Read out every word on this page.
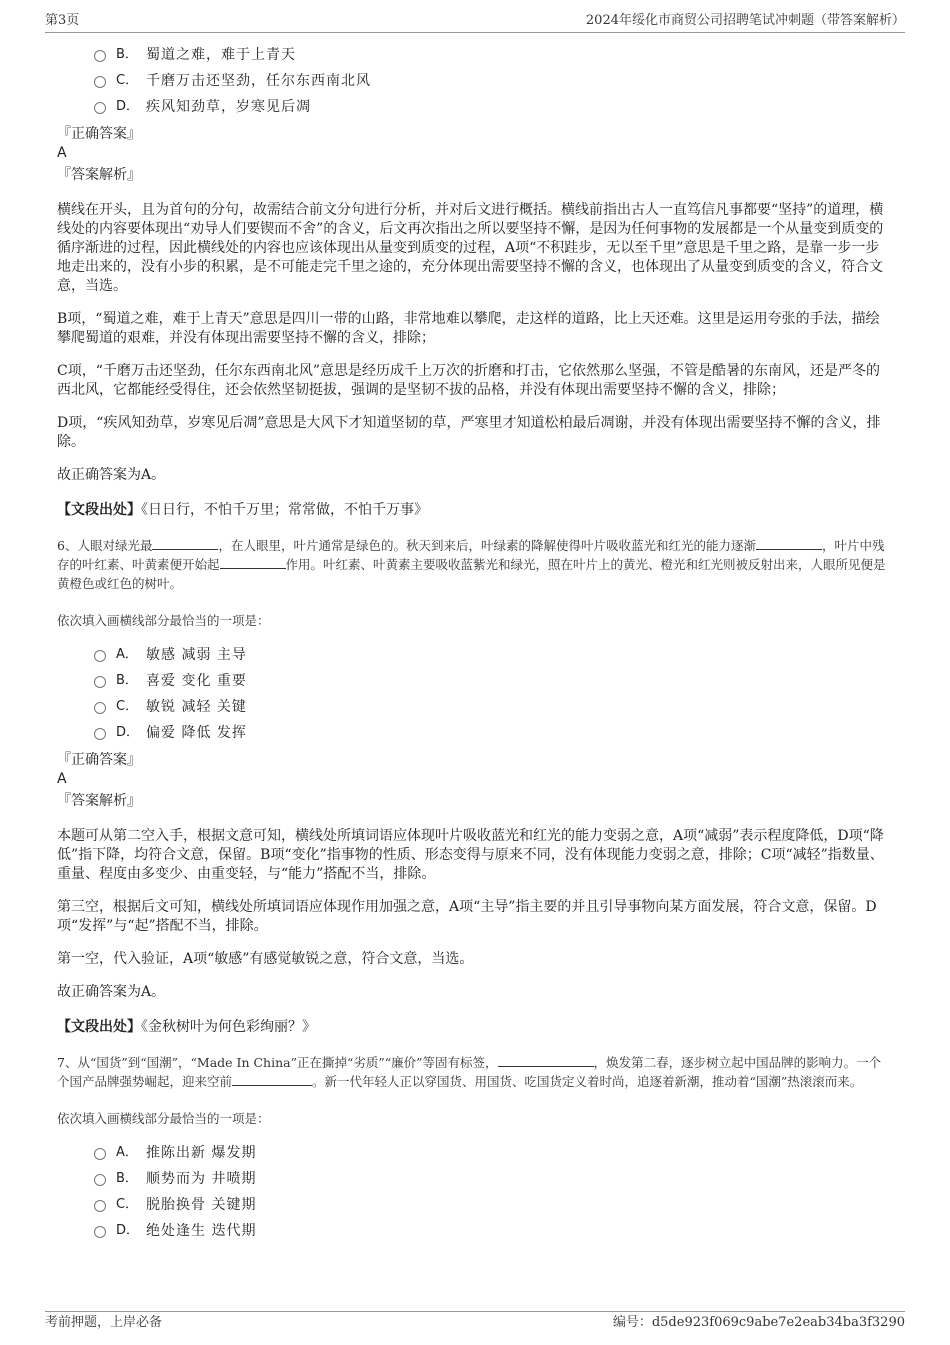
第3页	2024年绥化市商贸公司招聘笔试冲刺题（带答案解析）
B． 蜀道之难，难于上青天
C． 千磨万击还坚劲，任尔东西南北风
D． 疾风知劲草，岁寒见后凋
『正确答案』
A
『答案解析』
横线在开头，且为首句的分句，故需结合前文分句进行分析，并对后文进行概括。横线前指出古人一直笃信凡事都要“坚持”的道理，横线处的内容要体现出“劝导人们要锲而不舍”的含义，后文再次指出之所以要坚持不懈，是因为任何事物的发展都是一个从量变到质变的循序渐进的过程，因此横线处的内容也应该体现出从量变到质变的过程，A项“不积跬步，无以至千里”意思是千里之路，是靠一步一步地走出来的，没有小步的积累，是不可能走完千里之途的，充分体现出需要坚持不懈的含义，也体现出了从量变到质变的含义，符合文意，当选。
B项，“蜀道之难，难于上青天”意思是四川一带的山路，非常地难以攀爬，走这样的道路，比上天还难。这里是运用夸张的手法，描绘攀爬蜀道的艰难，并没有体现出需要坚持不懈的含义，排除；
C项，“千磨万击还坚劲，任尔东西南北风”意思是经历成千上万次的折磨和打击，它依然那么坚强，不管是酷暑的东南风，还是严冬的西北风，它都能经受得住，还会依然坚韧挺拔，强调的是坚韧不拔的品格，并没有体现出需要坚持不懈的含义，排除；
D项，“疾风知劲草，岁寒见后凋”意思是大风下才知道坚韧的草，严寒里才知道松柏最后凋谢，并没有体现出需要坚持不懈的含义，排除。
故正确答案为A。
【文段出处】《日日行，不怕千万里；常常做，不怕千万事》
6、人眼对绿光最	，在人眼里，叶片通常是绿色的。秋天到来后，叶绿素的降解使得叶片吸收蓝光和红光的能力逐渐	，叶片中残存的叶红素、叶黄素便开始起	作用。叶红素、叶黄素主要吸收蓝紫光和绿光，照在叶片上的黄光、橙光和红光则被反射出来，人眼所见便是黄橙色或红色的树叶。
依次填入画横线部分最恰当的一项是：
A． 敏感 减弱 主导
B． 喜爱 变化 重要
C． 敏锐 减轻 关键
D． 偏爱 降低 发挥
『正确答案』
A
『答案解析』
本题可从第二空入手，根据文意可知，横线处所填词语应体现叶片吸收蓝光和红光的能力变弱之意，A项“减弱”表示程度降低，D项“降低”指下降，均符合文意，保留。B项“变化”指事物的性质、形态变得与原来不同，没有体现能力变弱之意，排除；C项“减轻”指数量、重量、程度由多变少、由重变轻，与“能力”搭配不当，排除。
第三空，根据后文可知，横线处所填词语应体现作用加强之意，A项“主导”指主要的并且引导事物向某方面发展，符合文意，保留。D项“发挥”与“起”搭配不当，排除。
第一空，代入验证，A项“敏感”有感觉敏锐之意，符合文意，当选。
故正确答案为A。
【文段出处】《金秋树叶为何色彩绚丽？》
7、从“国货”到“国潮”，“Made In China”正在撕掉“劣质”“廉价”等固有标签，	，焕发第二春，逐步树立起中国品牌的影响力。一个个国产品牌强势崛起，迎来空前	。新一代年轻人正以穿国货、用国货、吃国货定义着时尚，追逐着新潮，推动着“国潮”热滚滚而来。
依次填入画横线部分最恰当的一项是：
A． 推陈出新 爆发期
B． 顺势而为 井喷期
C． 脱胎换骨 关键期
D． 绝处逢生 迭代期
考前押题，上岸必备	编号：d5de923f069c9abe7e2eab34ba3f3290
